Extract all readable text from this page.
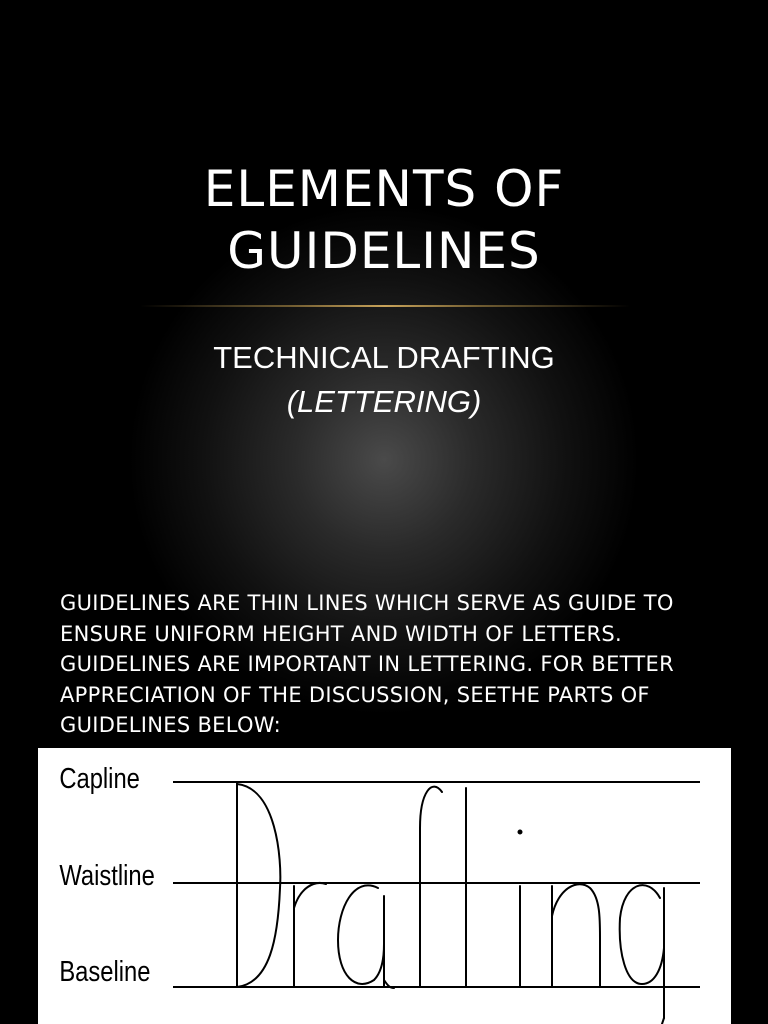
ELEMENTS OF
GUIDELINES
TECHNICAL DRAFTING
(LETTERING)

GUIDELINES ARE THIN LINES WHICH SERVE AS GUIDE TO ENSURE UNIFORM HEIGHT AND WIDTH OF LETTERS. GUIDELINES ARE IMPORTANT IN LETTERING. FOR BETTER APPRECIATION OF THE DISCUSSION, SEETHE PARTS OF GUIDELINES BELOW:

Capline
Waistline
Baseline
